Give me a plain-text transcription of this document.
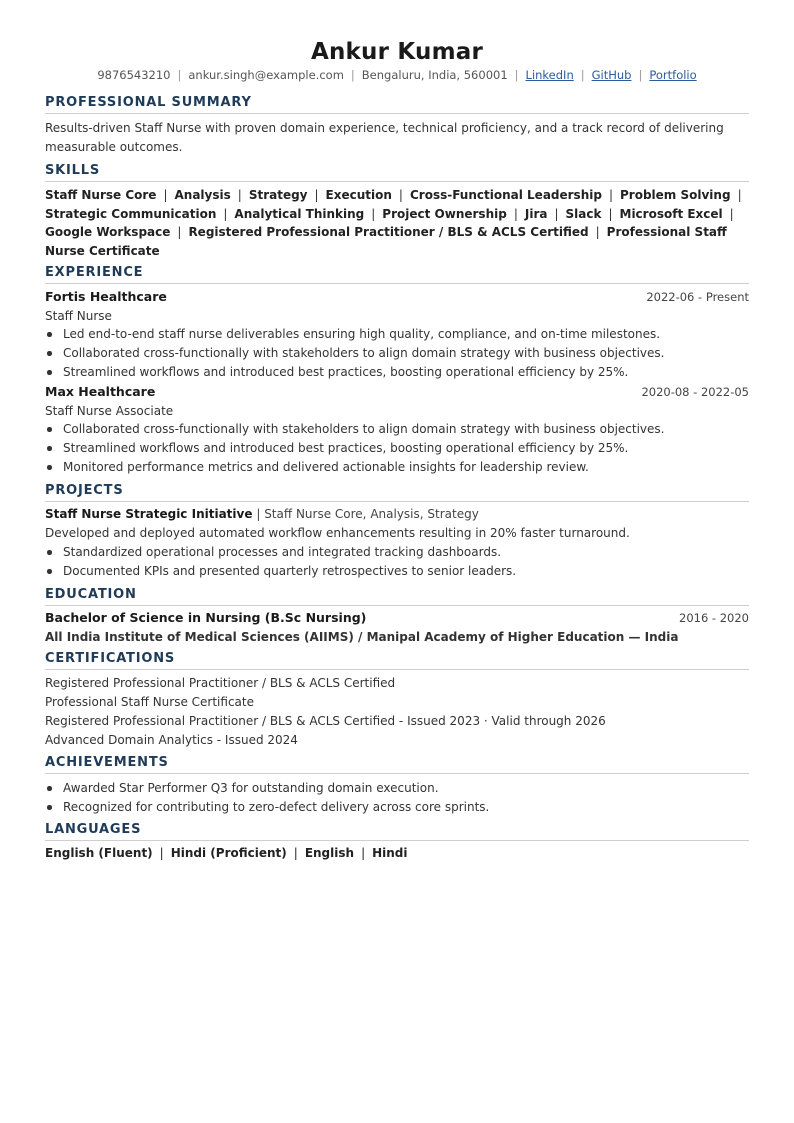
Ankur Kumar
9876543210 | ankur.singh@example.com | Bengaluru, India, 560001 | LinkedIn | GitHub | Portfolio
PROFESSIONAL SUMMARY
Results-driven Staff Nurse with proven domain experience, technical proficiency, and a track record of delivering measurable outcomes.
SKILLS
Staff Nurse Core | Analysis | Strategy | Execution | Cross-Functional Leadership | Problem Solving |
Strategic Communication | Analytical Thinking | Project Ownership | Jira | Slack | Microsoft Excel |
Google Workspace | Registered Professional Practitioner / BLS & ACLS Certified | Professional Staff Nurse Certificate
EXPERIENCE
Fortis Healthcare	2022-06 - Present
Staff Nurse
Led end-to-end staff nurse deliverables ensuring high quality, compliance, and on-time milestones.
Collaborated cross-functionally with stakeholders to align domain strategy with business objectives.
Streamlined workflows and introduced best practices, boosting operational efficiency by 25%.
Max Healthcare	2020-08 - 2022-05
Staff Nurse Associate
Collaborated cross-functionally with stakeholders to align domain strategy with business objectives.
Streamlined workflows and introduced best practices, boosting operational efficiency by 25%.
Monitored performance metrics and delivered actionable insights for leadership review.
PROJECTS
Staff Nurse Strategic Initiative | Staff Nurse Core, Analysis, Strategy
Developed and deployed automated workflow enhancements resulting in 20% faster turnaround.
Standardized operational processes and integrated tracking dashboards.
Documented KPIs and presented quarterly retrospectives to senior leaders.
EDUCATION
Bachelor of Science in Nursing (B.Sc Nursing)	2016 - 2020
All India Institute of Medical Sciences (AIIMS) / Manipal Academy of Higher Education — India
CERTIFICATIONS
Registered Professional Practitioner / BLS & ACLS Certified
Professional Staff Nurse Certificate
Registered Professional Practitioner / BLS & ACLS Certified - Issued 2023 · Valid through 2026
Advanced Domain Analytics - Issued 2024
ACHIEVEMENTS
Awarded Star Performer Q3 for outstanding domain execution.
Recognized for contributing to zero-defect delivery across core sprints.
LANGUAGES
English (Fluent) | Hindi (Proficient) | English | Hindi
